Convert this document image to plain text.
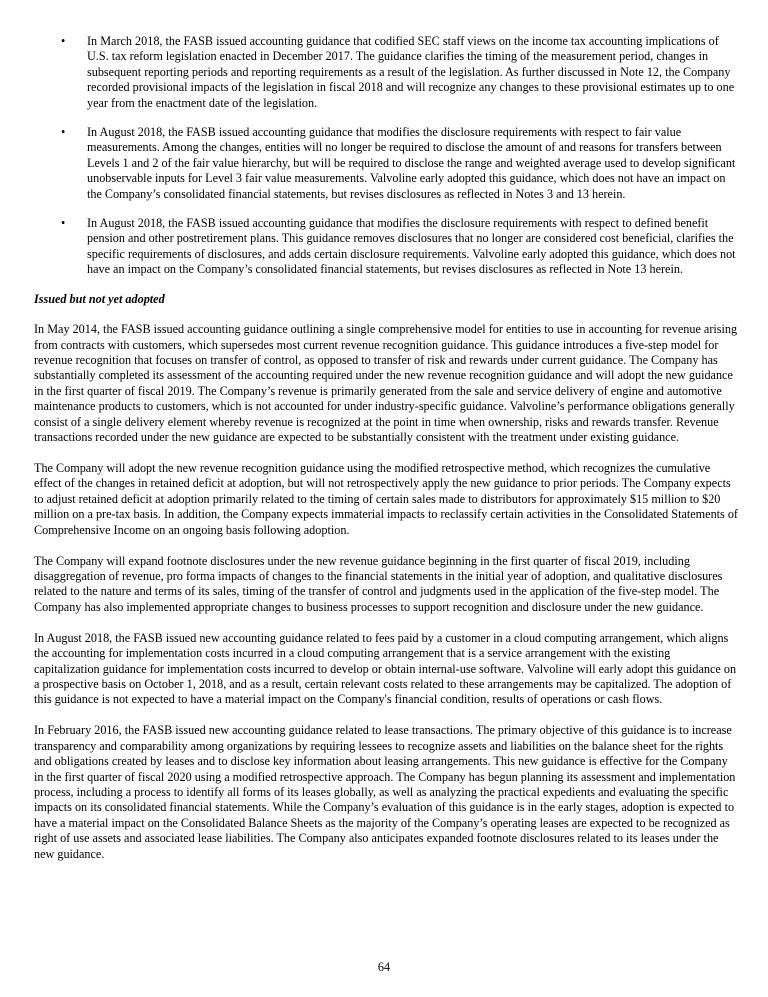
• In March 2018, the FASB issued accounting guidance that codified SEC staff views on the income tax accounting implications of U.S. tax reform legislation enacted in December 2017. The guidance clarifies the timing of the measurement period, changes in subsequent reporting periods and reporting requirements as a result of the legislation. As further discussed in Note 12, the Company recorded provisional impacts of the legislation in fiscal 2018 and will recognize any changes to these provisional estimates up to one year from the enactment date of the legislation.

• In August 2018, the FASB issued accounting guidance that modifies the disclosure requirements with respect to fair value measurements. Among the changes, entities will no longer be required to disclose the amount of and reasons for transfers between Levels 1 and 2 of the fair value hierarchy, but will be required to disclose the range and weighted average used to develop significant unobservable inputs for Level 3 fair value measurements. Valvoline early adopted this guidance, which does not have an impact on the Company’s consolidated financial statements, but revises disclosures as reflected in Notes 3 and 13 herein.

• In August 2018, the FASB issued accounting guidance that modifies the disclosure requirements with respect to defined benefit pension and other postretirement plans. This guidance removes disclosures that no longer are considered cost beneficial, clarifies the specific requirements of disclosures, and adds certain disclosure requirements. Valvoline early adopted this guidance, which does not have an impact on the Company’s consolidated financial statements, but revises disclosures as reflected in Note 13 herein.

Issued but not yet adopted

In May 2014, the FASB issued accounting guidance outlining a single comprehensive model for entities to use in accounting for revenue arising from contracts with customers, which supersedes most current revenue recognition guidance. This guidance introduces a five-step model for revenue recognition that focuses on transfer of control, as opposed to transfer of risk and rewards under current guidance. The Company has substantially completed its assessment of the accounting required under the new revenue recognition guidance and will adopt the new guidance in the first quarter of fiscal 2019. The Company’s revenue is primarily generated from the sale and service delivery of engine and automotive maintenance products to customers, which is not accounted for under industry-specific guidance. Valvoline’s performance obligations generally consist of a single delivery element whereby revenue is recognized at the point in time when ownership, risks and rewards transfer. Revenue transactions recorded under the new guidance are expected to be substantially consistent with the treatment under existing guidance.

The Company will adopt the new revenue recognition guidance using the modified retrospective method, which recognizes the cumulative effect of the changes in retained deficit at adoption, but will not retrospectively apply the new guidance to prior periods. The Company expects to adjust retained deficit at adoption primarily related to the timing of certain sales made to distributors for approximately $15 million to $20 million on a pre-tax basis. In addition, the Company expects immaterial impacts to reclassify certain activities in the Consolidated Statements of Comprehensive Income on an ongoing basis following adoption.

The Company will expand footnote disclosures under the new revenue guidance beginning in the first quarter of fiscal 2019, including disaggregation of revenue, pro forma impacts of changes to the financial statements in the initial year of adoption, and qualitative disclosures related to the nature and terms of its sales, timing of the transfer of control and judgments used in the application of the five-step model. The Company has also implemented appropriate changes to business processes to support recognition and disclosure under the new guidance.

In August 2018, the FASB issued new accounting guidance related to fees paid by a customer in a cloud computing arrangement, which aligns the accounting for implementation costs incurred in a cloud computing arrangement that is a service arrangement with the existing capitalization guidance for implementation costs incurred to develop or obtain internal-use software. Valvoline will early adopt this guidance on a prospective basis on October 1, 2018, and as a result, certain relevant costs related to these arrangements may be capitalized. The adoption of this guidance is not expected to have a material impact on the Company's financial condition, results of operations or cash flows.

In February 2016, the FASB issued new accounting guidance related to lease transactions. The primary objective of this guidance is to increase transparency and comparability among organizations by requiring lessees to recognize assets and liabilities on the balance sheet for the rights and obligations created by leases and to disclose key information about leasing arrangements. This new guidance is effective for the Company in the first quarter of fiscal 2020 using a modified retrospective approach. The Company has begun planning its assessment and implementation process, including a process to identify all forms of its leases globally, as well as analyzing the practical expedients and evaluating the specific impacts on its consolidated financial statements. While the Company’s evaluation of this guidance is in the early stages, adoption is expected to have a material impact on the Consolidated Balance Sheets as the majority of the Company’s operating leases are expected to be recognized as right of use assets and associated lease liabilities. The Company also anticipates expanded footnote disclosures related to its leases under the new guidance.

64
